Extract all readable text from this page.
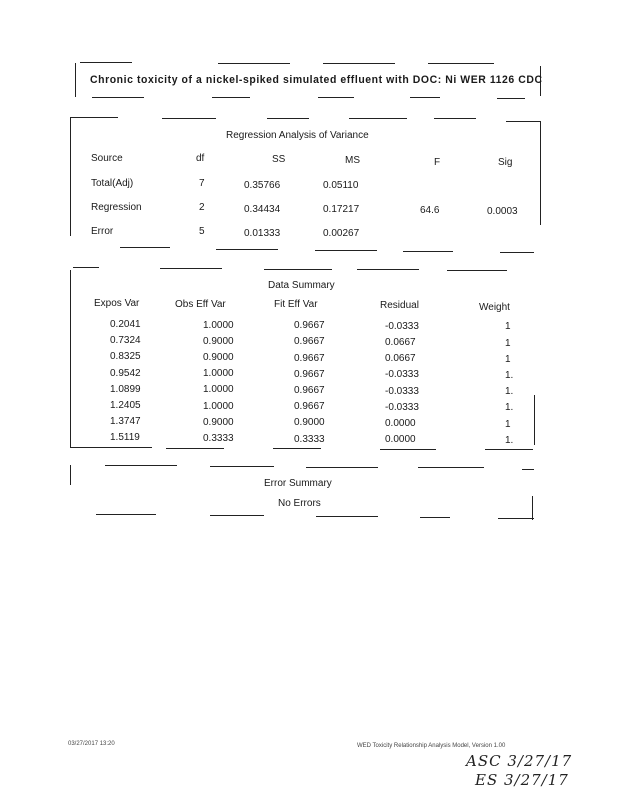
Chronic toxicity of a nickel-spiked simulated effluent with DOC: Ni WER 1126 CDC
Regression Analysis of Variance
Source	df	SS	MS	F	Sig
Total(Adj)	7	0.35766	0.05110
Regression	2	0.34434	0.17217	64.6	0.0003
Error	5	0.01333	0.00267
Data Summary
Expos Var	Obs Eff Var	Fit Eff Var	Residual	Weight
0.2041	1.0000	0.9667	-0.0333	1
0.7324	0.9000	0.9667	0.0667	1
0.8325	0.9000	0.9667	0.0667	1
0.9542	1.0000	0.9667	-0.0333	1.
1.0899	1.0000	0.9667	-0.0333	1.
1.2405	1.0000	0.9667	-0.0333	1.
1.3747	0.9000	0.9000	0.0000	1
1.5119	0.3333	0.3333	0.0000	1.
Error Summary
No Errors
03/27/2017 13:20	WED Toxicity Relationship Analysis Model, Version 1.00
ASC 3/27/17
ES 3/27/17
